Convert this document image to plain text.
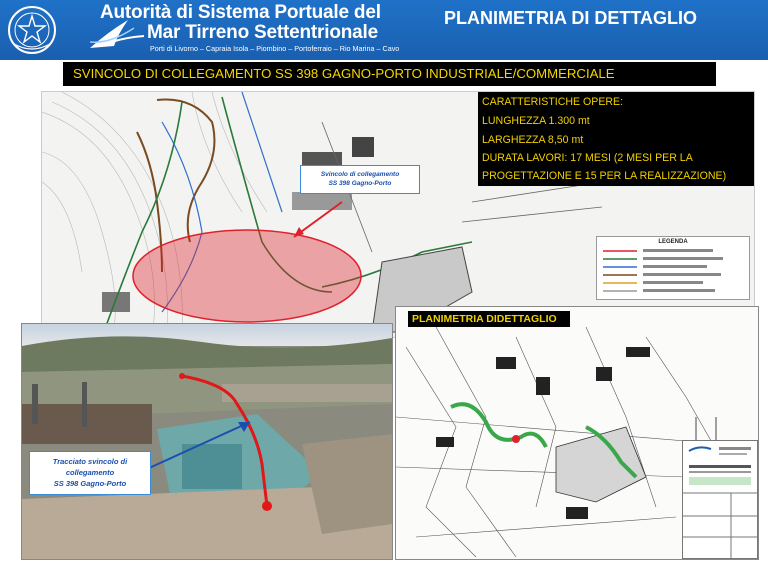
Autorità di Sistema Portuale del
Mar Tirreno Settentrionale
Porti di Livorno – Capraia Isola – Piombino – Portoferraio – Rio Marina – Cavo
PLANIMETRIA DI DETTAGLIO
SVINCOLO DI COLLEGAMENTO SS 398 GAGNO-PORTO INDUSTRIALE/COMMERCIALE
Svincolo di collegamento
SS 398 Gagno-Porto
CARATTERISTICHE OPERE:
LUNGHEZZA 1.300 mt
LARGHEZZA 8,50 mt
DURATA LAVORI: 17 MESI (2 MESI PER LA
PROGETTAZIONE E 15 PER LA REALIZZAZIONE)
LEGENDA
Tracciato svincolo di
collegamento
SS 398 Gagno-Porto
PLANIMETRIA DIDETTAGLIO
